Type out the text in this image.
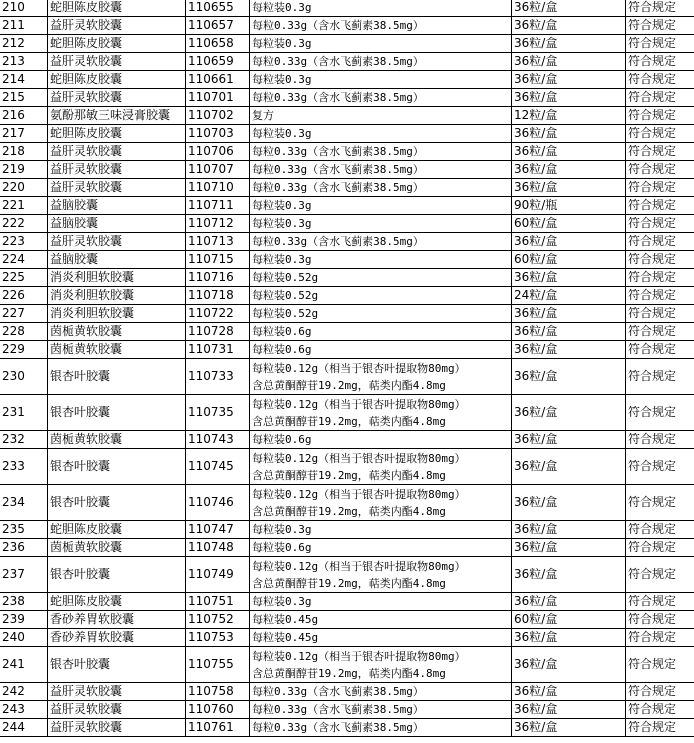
210	蛇胆陈皮胶囊	110655	每粒装0.3g	36粒/盒	符合规定
211	益肝灵软胶囊	110657	每粒0.33g（含水飞蓟素38.5mg）	36粒/盒	符合规定
212	蛇胆陈皮胶囊	110658	每粒装0.3g	36粒/盒	符合规定
213	益肝灵软胶囊	110659	每粒0.33g（含水飞蓟素38.5mg）	36粒/盒	符合规定
214	蛇胆陈皮胶囊	110661	每粒装0.3g	36粒/盒	符合规定
215	益肝灵软胶囊	110701	每粒0.33g（含水飞蓟素38.5mg）	36粒/盒	符合规定
216	氨酚那敏三味浸膏胶囊	110702	复方	12粒/盒	符合规定
217	蛇胆陈皮胶囊	110703	每粒装0.3g	36粒/盒	符合规定
218	益肝灵软胶囊	110706	每粒0.33g（含水飞蓟素38.5mg）	36粒/盒	符合规定
219	益肝灵软胶囊	110707	每粒0.33g（含水飞蓟素38.5mg）	36粒/盒	符合规定
220	益肝灵软胶囊	110710	每粒0.33g（含水飞蓟素38.5mg）	36粒/盒	符合规定
221	益脑胶囊	110711	每粒装0.3g	90粒/瓶	符合规定
222	益脑胶囊	110712	每粒装0.3g	60粒/盒	符合规定
223	益肝灵软胶囊	110713	每粒0.33g（含水飞蓟素38.5mg）	36粒/盒	符合规定
224	益脑胶囊	110715	每粒装0.3g	60粒/盒	符合规定
225	消炎利胆软胶囊	110716	每粒装0.52g	36粒/盒	符合规定
226	消炎利胆软胶囊	110718	每粒装0.52g	24粒/盒	符合规定
227	消炎利胆软胶囊	110722	每粒装0.52g	36粒/盒	符合规定
228	茵栀黄软胶囊	110728	每粒装0.6g	36粒/盒	符合规定
229	茵栀黄软胶囊	110731	每粒装0.6g	36粒/盒	符合规定
230	银杏叶胶囊	110733	每粒装0.12g（相当于银杏叶提取物80mg）
含总黄酮醇苷19.2mg，萜类内酯4.8mg	36粒/盒	符合规定
231	银杏叶胶囊	110735	每粒装0.12g（相当于银杏叶提取物80mg）
含总黄酮醇苷19.2mg，萜类内酯4.8mg	36粒/盒	符合规定
232	茵栀黄软胶囊	110743	每粒装0.6g	36粒/盒	符合规定
233	银杏叶胶囊	110745	每粒装0.12g（相当于银杏叶提取物80mg）
含总黄酮醇苷19.2mg，萜类内酯4.8mg	36粒/盒	符合规定
234	银杏叶胶囊	110746	每粒装0.12g（相当于银杏叶提取物80mg）
含总黄酮醇苷19.2mg，萜类内酯4.8mg	36粒/盒	符合规定
235	蛇胆陈皮胶囊	110747	每粒装0.3g	36粒/盒	符合规定
236	茵栀黄软胶囊	110748	每粒装0.6g	36粒/盒	符合规定
237	银杏叶胶囊	110749	每粒装0.12g（相当于银杏叶提取物80mg）
含总黄酮醇苷19.2mg，萜类内酯4.8mg	36粒/盒	符合规定
238	蛇胆陈皮胶囊	110751	每粒装0.3g	36粒/盒	符合规定
239	香砂养胃软胶囊	110752	每粒装0.45g	60粒/盒	符合规定
240	香砂养胃软胶囊	110753	每粒装0.45g	36粒/盒	符合规定
241	银杏叶胶囊	110755	每粒装0.12g（相当于银杏叶提取物80mg）
含总黄酮醇苷19.2mg，萜类内酯4.8mg	36粒/盒	符合规定
242	益肝灵软胶囊	110758	每粒0.33g（含水飞蓟素38.5mg）	36粒/盒	符合规定
243	益肝灵软胶囊	110760	每粒0.33g（含水飞蓟素38.5mg）	36粒/盒	符合规定
244	益肝灵软胶囊	110761	每粒0.33g（含水飞蓟素38.5mg）	36粒/盒	符合规定
